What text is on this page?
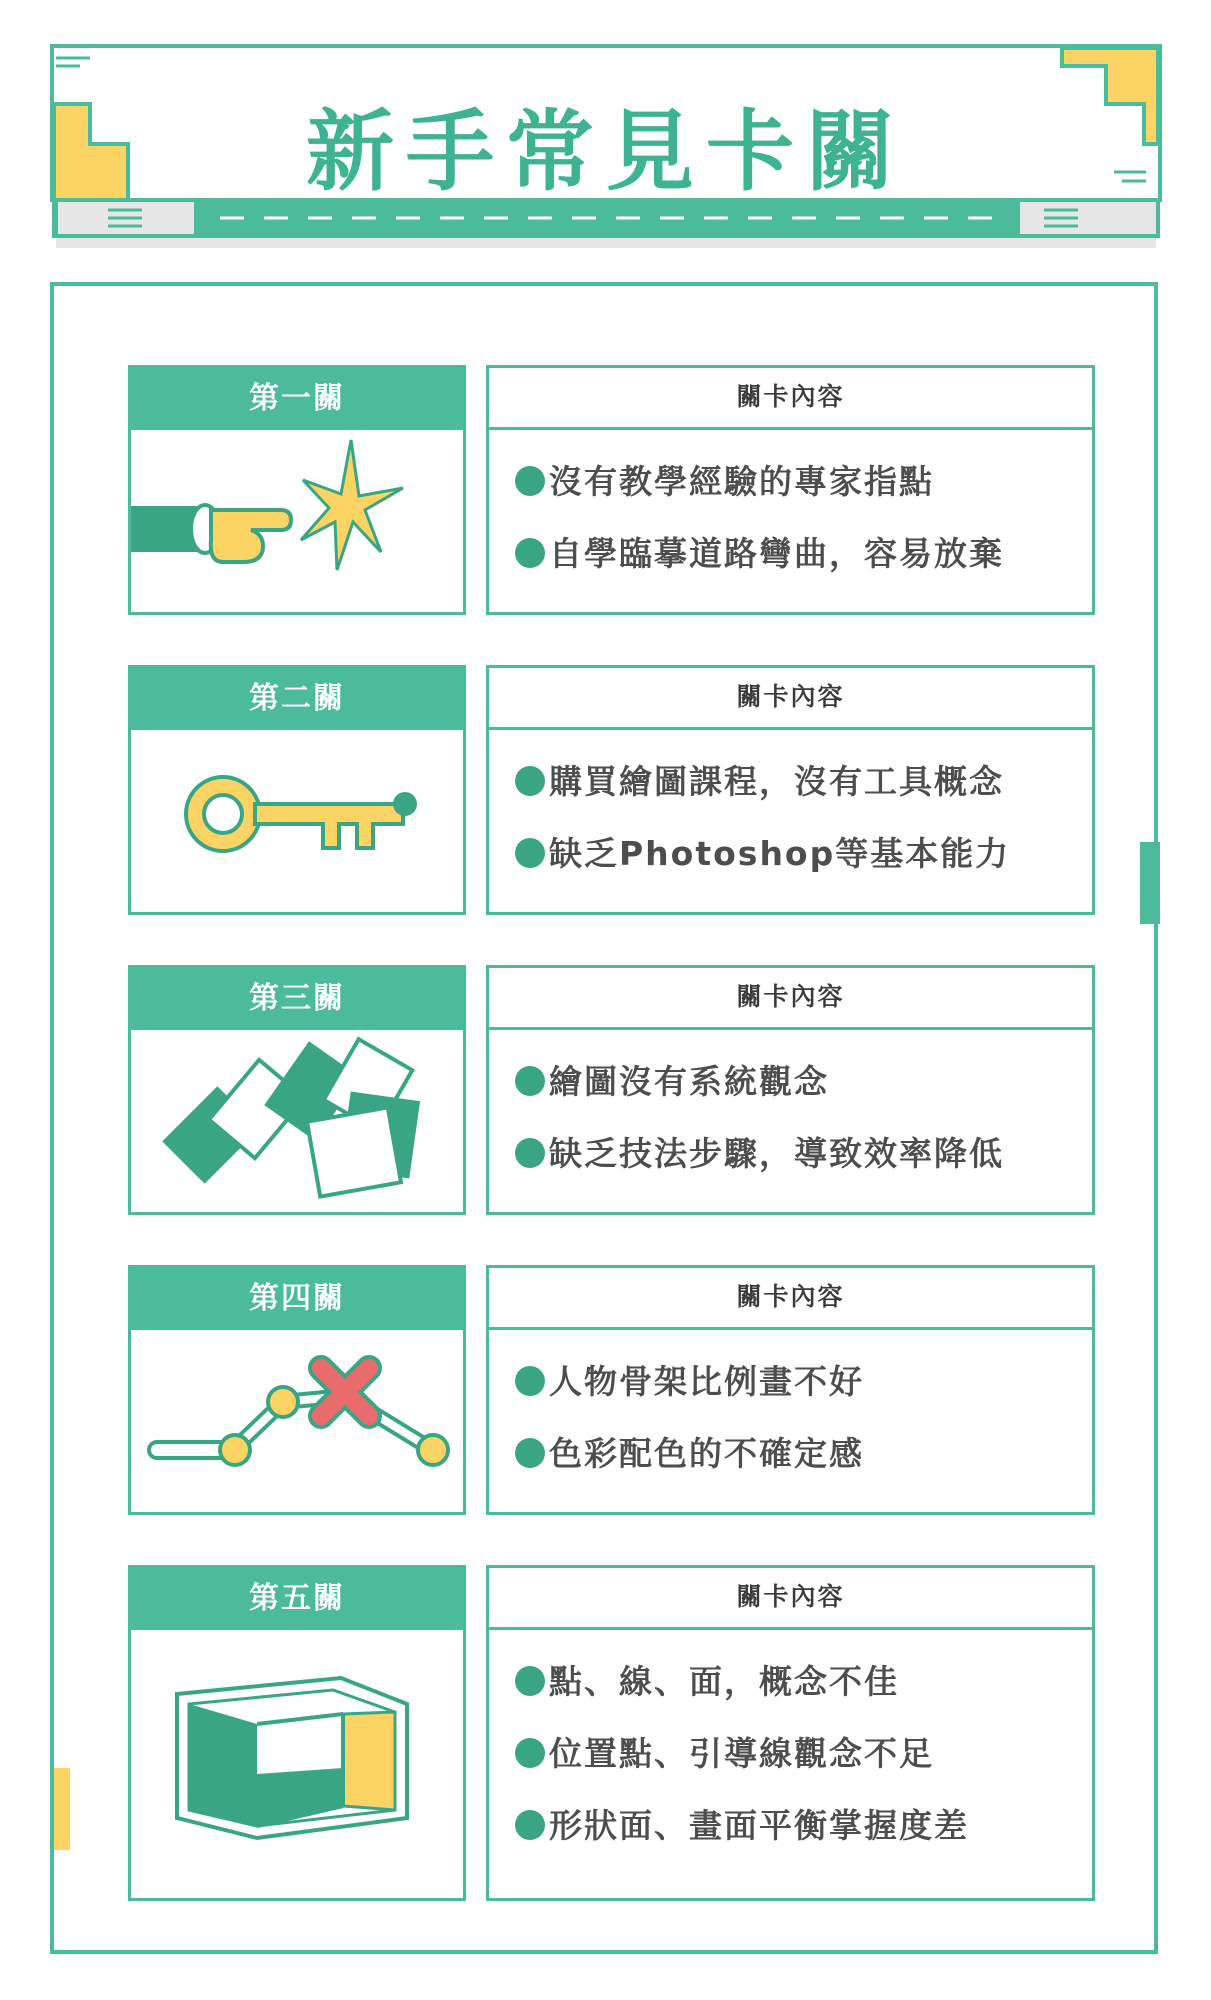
新手常見卡關
第一關	關卡內容
沒有教學經驗的專家指點
自學臨摹道路彎曲，容易放棄
第二關	關卡內容
購買繪圖課程，沒有工具概念
缺乏Photoshop等基本能力
第三關	關卡內容
繪圖沒有系統觀念
缺乏技法步驟，導致效率降低
第四關	關卡內容
人物骨架比例畫不好
色彩配色的不確定感
第五關	關卡內容
點、線、面，概念不佳
位置點、引導線觀念不足
形狀面、畫面平衡掌握度差
